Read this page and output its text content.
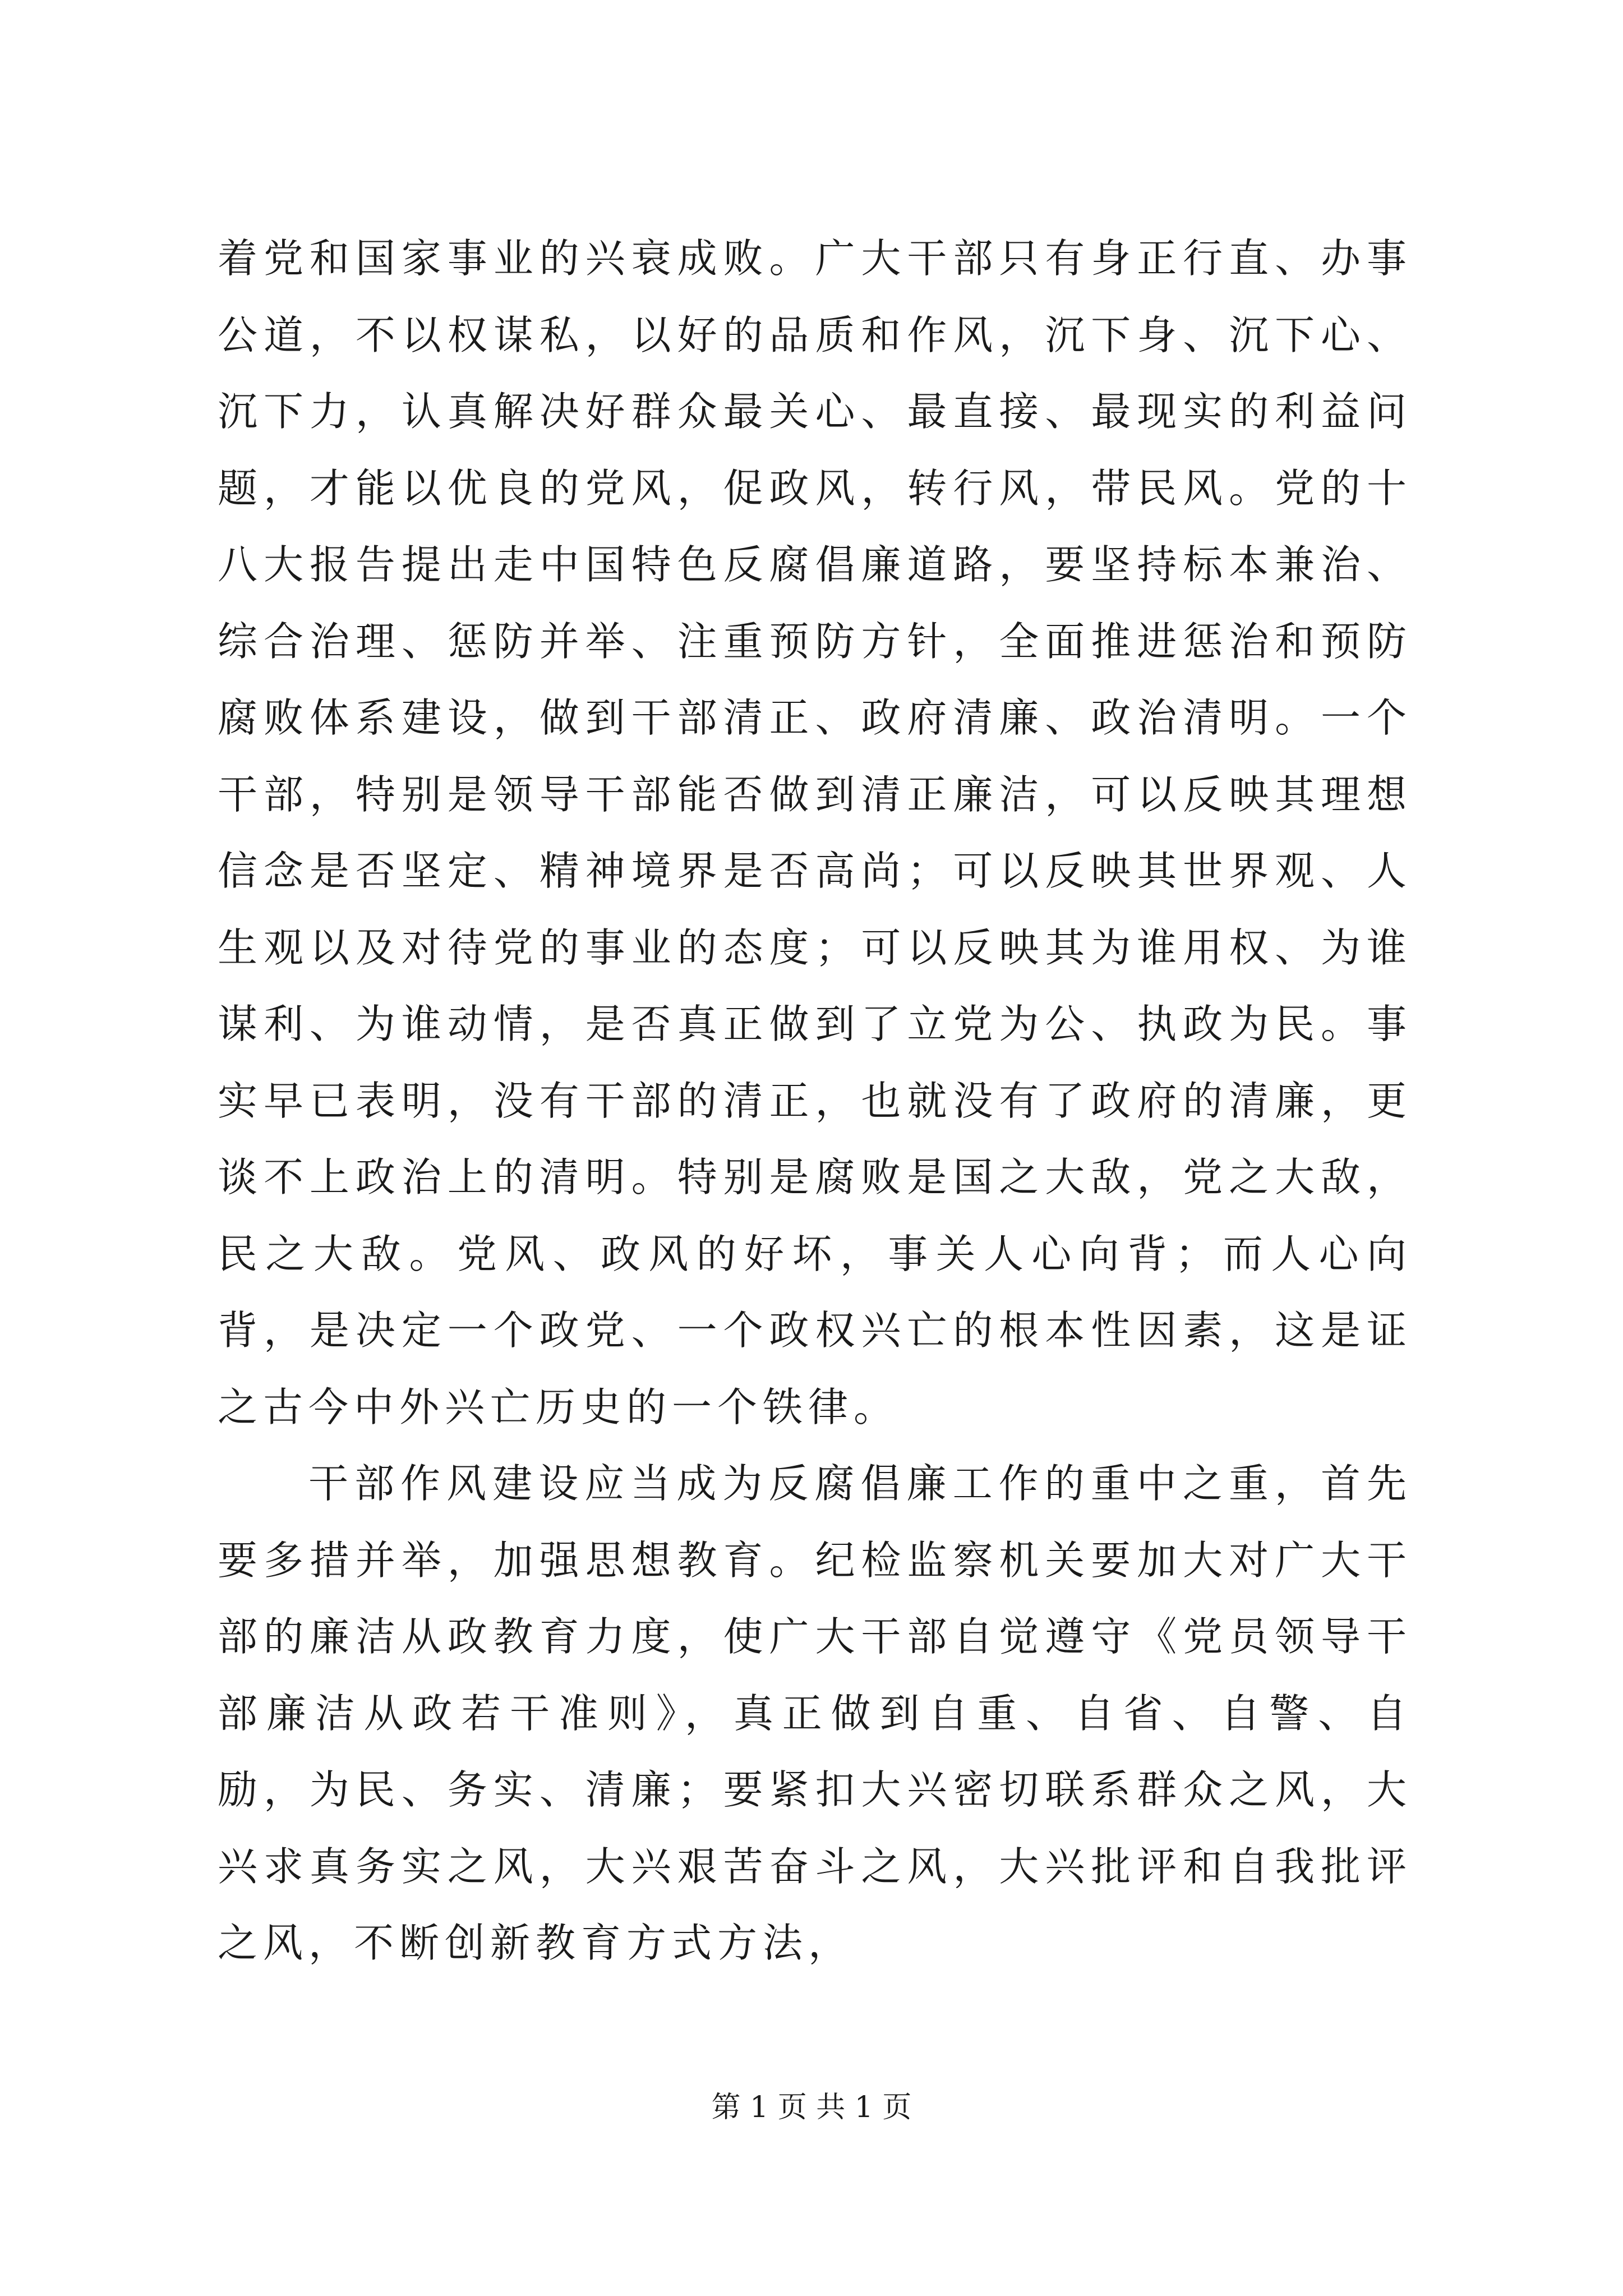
着党和国家事业的兴衰成败。广大干部只有身正行直、办事公道，不以权谋私，以好的品质和作风，沉下身、沉下心、沉下力，认真解决好群众最关心、最直接、最现实的利益问题，才能以优良的党风，促政风，转行风，带民风。党的十八大报告提出走中国特色反腐倡廉道路，要坚持标本兼治、综合治理、惩防并举、注重预防方针，全面推进惩治和预防腐败体系建设，做到干部清正、政府清廉、政治清明。一个干部，特别是领导干部能否做到清正廉洁，可以反映其理想信念是否坚定、精神境界是否高尚；可以反映其世界观、人生观以及对待党的事业的态度；可以反映其为谁用权、为谁谋利、为谁动情，是否真正做到了立党为公、执政为民。事实早已表明，没有干部的清正，也就没有了政府的清廉，更谈不上政治上的清明。特别是腐败是国之大敌，党之大敌，民之大敌。党风、政风的好坏，事关人心向背；而人心向背，是决定一个政党、一个政权兴亡的根本性因素，这是证之古今中外兴亡历史的一个铁律。

干部作风建设应当成为反腐倡廉工作的重中之重，首先要多措并举，加强思想教育。纪检监察机关要加大对广大干部的廉洁从政教育力度，使广大干部自觉遵守《党员领导干部廉洁从政若干准则》，真正做到自重、自省、自警、自励，为民、务实、清廉；要紧扣大兴密切联系群众之风，大兴求真务实之风，大兴艰苦奋斗之风，大兴批评和自我批评之风，不断创新教育方式方法，

第 1 页 共 1 页
